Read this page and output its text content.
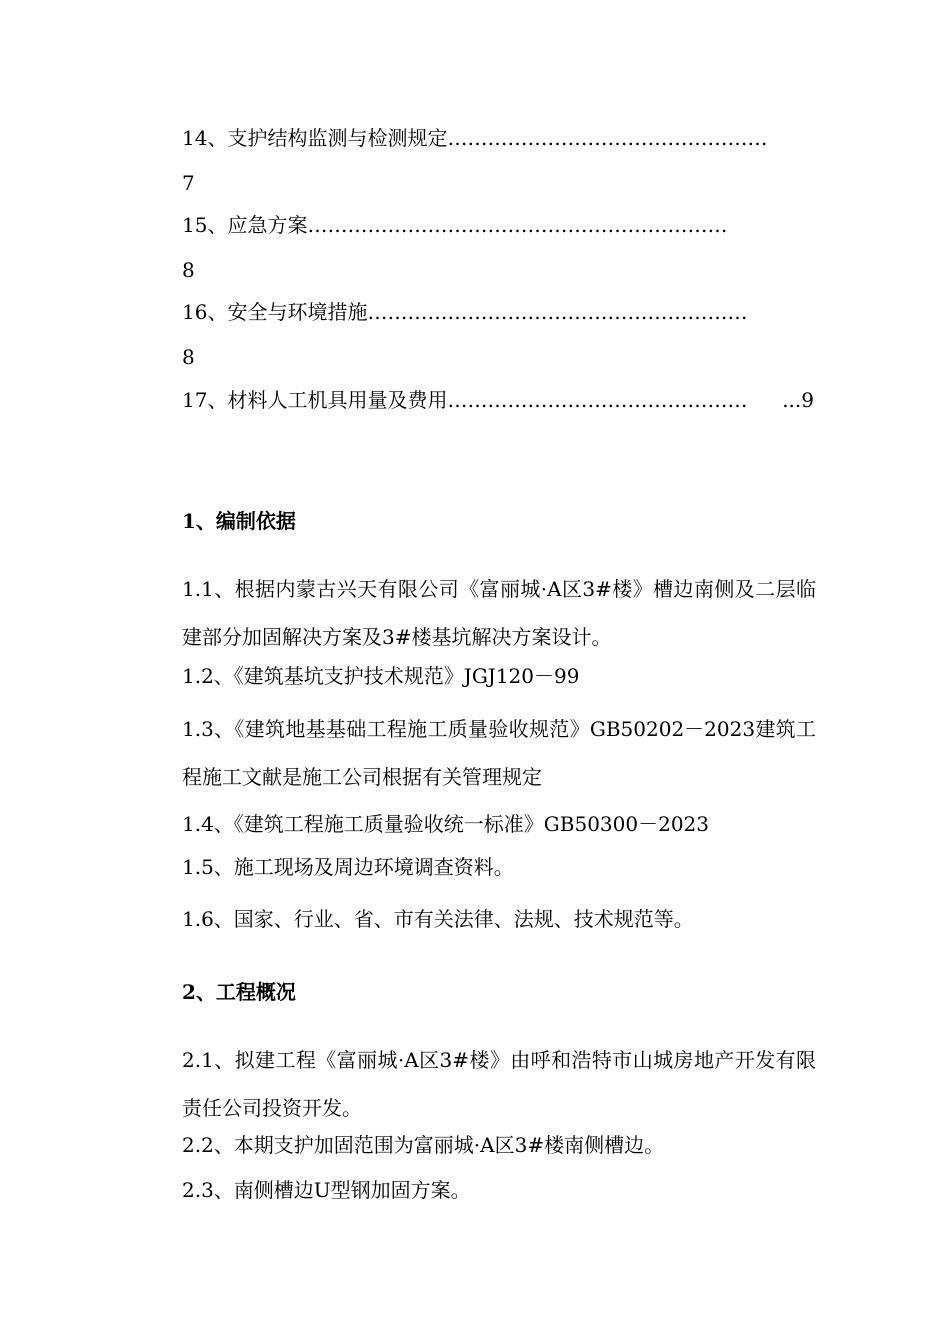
14、支护结构监测与检测规定…………………………………………
7
15、应急方案………………………………………………………
8
16、安全与环境措施…………………………………………………
8
17、材料人工机具用量及费用 ………………………………………	...9
1、编制依据
1.1、根据内蒙古兴天有限公司《富丽城·A区3#楼》槽边南侧及二层临建部分加固解决方案及3#楼基坑解决方案设计。
1.2、《建筑基坑支护技术规范》JGJ120－99
1.3、《建筑地基基础工程施工质量验收规范》GB50202－2023建筑工程施工文献是施工公司根据有关管理规定
1.4、《建筑工程施工质量验收统一标准》GB50300－2023
1.5、施工现场及周边环境调查资料。
1.6、国家、行业、省、市有关法律、法规、技术规范等。
2、工程概况
2.1、拟建工程《富丽城·A区3#楼》由呼和浩特市山城房地产开发有限责任公司投资开发。
2.2、本期支护加固范围为富丽城·A区3#楼南侧槽边。
2.3、南侧槽边U型钢加固方案。
